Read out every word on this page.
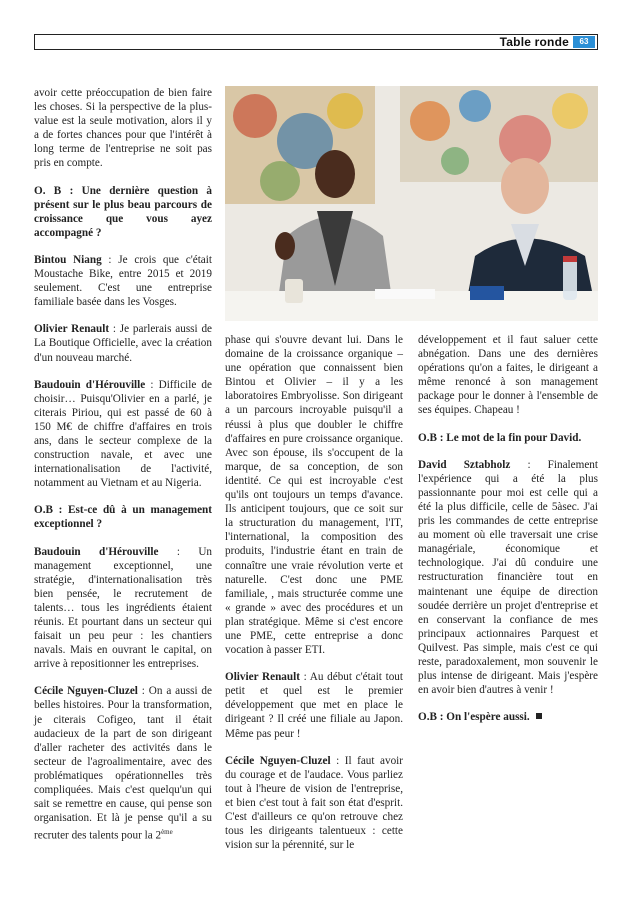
Table ronde	63

avoir cette préoccupation de bien faire les choses. Si la perspective de la plus-value est la seule motivation, alors il y a de fortes chances pour que l'intérêt à long terme de l'entreprise ne soit pas pris en compte.

O. B : Une dernière question à présent sur le plus beau parcours de croissance que vous ayez accompagné ?

Bintou Niang : Je crois que c'était Moustache Bike, entre 2015 et 2019 seulement. C'est une entreprise familiale basée dans les Vosges.

Olivier Renault : Je parlerais aussi de La Boutique Officielle, avec la création d'un nouveau marché.

Baudouin d'Hérouville : Difficile de choisir… Puisqu'Olivier en a parlé, je citerais Piriou, qui est passé de 60 à 150 M€ de chiffre d'affaires en trois ans, dans le secteur complexe de la construction navale, et avec une internationalisation de l'activité, notamment au Vietnam et au Nigeria.

O.B : Est-ce dû à un management exceptionnel ?

Baudouin d'Hérouville : Un management exceptionnel, une stratégie, d'internationalisation très bien pensée, le recrutement de talents… tous les ingrédients étaient réunis. Et pourtant dans un secteur qui faisait un peu peur : les chantiers navals. Mais en ouvrant le capital, on arrive à repositionner les entreprises.

Cécile Nguyen-Cluzel : On a aussi de belles histoires. Pour la transformation, je citerais Cofigeo, tant il était audacieux de la part de son dirigeant d'aller racheter des activités dans le secteur de l'agroalimentaire, avec des problématiques opérationnelles très compliquées. Mais c'est quelqu'un qui sait se remettre en cause, qui pense son organisation. Et là je pense qu'il a su recruter des talents pour la 2ème

phase qui s'ouvre devant lui. Dans le domaine de la croissance organique – une opération que connaissent bien Bintou et Olivier – il y a les laboratoires Embryolisse. Son dirigeant a un parcours incroyable puisqu'il a réussi à plus que doubler le chiffre d'affaires en pure croissance organique. Avec son épouse, ils s'occupent de la marque, de sa conception, de son identité. Ce qui est incroyable c'est qu'ils ont toujours un temps d'avance. Ils anticipent toujours, que ce soit sur la structuration du management, l'IT, l'international, la composition des produits, l'industrie étant en train de connaître une vraie révolution verte et naturelle. C'est donc une PME familiale, , mais structurée comme une « grande » avec des procédures et un plan stratégique. Même si c'est encore une PME, cette entreprise a donc vocation à passer ETI.

Olivier Renault : Au début c'était tout petit et quel est le premier développement que met en place le dirigeant ? Il créé une filiale au Japon. Même pas peur !

Cécile Nguyen-Cluzel : Il faut avoir du courage et de l'audace. Vous parliez tout à l'heure de vision de l'entreprise, et bien c'est tout à fait son état d'esprit. C'est d'ailleurs ce qu'on retrouve chez tous les dirigeants talentueux : cette vision sur la pérennité, sur le

développement et il faut saluer cette abnégation. Dans une des dernières opérations qu'on a faites, le dirigeant a même renoncé à son management package pour le donner à l'ensemble de ses équipes. Chapeau !

O.B : Le mot de la fin pour David.

David Sztabholz : Finalement l'expérience qui a été la plus passionnante pour moi est celle qui a été la plus difficile, celle de 5àsec. J'ai pris les commandes de cette entreprise au moment où elle traversait une crise managériale, économique et technologique. J'ai dû conduire une restructuration financière tout en maintenant une équipe de direction soudée derrière un projet d'entreprise et en conservant la confiance de mes principaux actionnaires Parquest et Quilvest. Pas simple, mais c'est ce qui reste, paradoxalement, mon souvenir le plus intense de dirigeant. Mais j'espère en avoir bien d'autres à venir !

O.B : On l'espère aussi.
